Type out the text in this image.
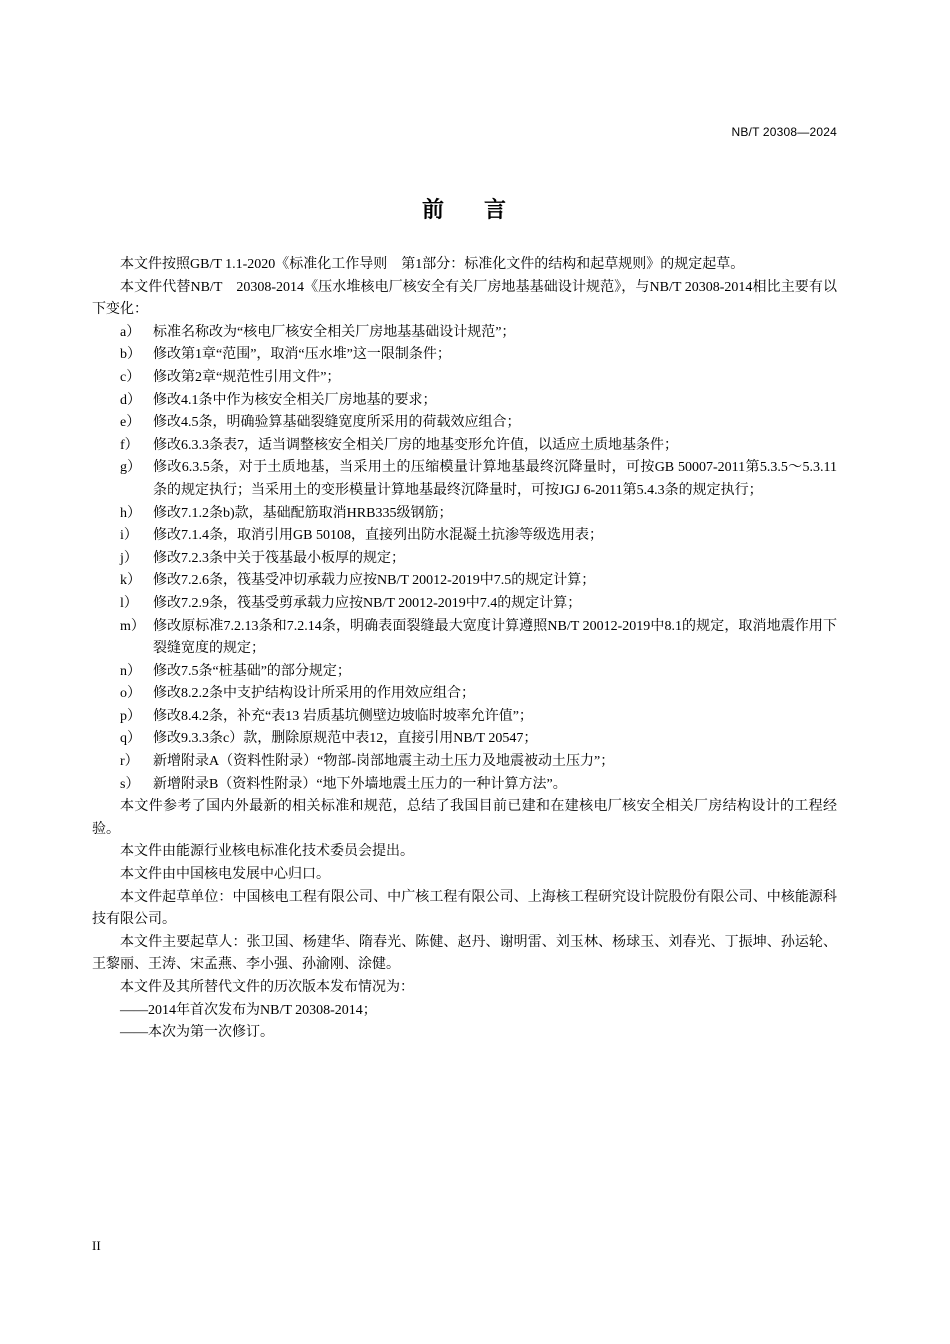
NB/T 20308—2024
前言

本文件按照GB/T 1.1-2020《标准化工作导则　第1部分：标准化文件的结构和起草规则》的规定起草。

本文件代替NB/T　20308-2014《压水堆核电厂核安全有关厂房地基基础设计规范》，与NB/T 20308-2014相比主要有以下变化：

a） 标准名称改为“核电厂核安全相关厂房地基基础设计规范”；

b） 修改第1章“范围”，取消“压水堆”这一限制条件；

c） 修改第2章“规范性引用文件”；

d） 修改4.1条中作为核安全相关厂房地基的要求；

e） 修改4.5条，明确验算基础裂缝宽度所采用的荷载效应组合；

f）	修改6.3.3条表7，适当调整核安全相关厂房的地基变形允许值，以适应土质地基条件；

g） 修改6.3.5条，对于土质地基，当采用土的压缩模量计算地基最终沉降量时，可按GB 50007-2011第5.3.5～5.3.11条的规定执行；当采用土的变形模量计算地基最终沉降量时，可按JGJ 6-2011第5.4.3条的规定执行；

h） 修改7.1.2条b)款，基础配筋取消HRB335级钢筋；

i）	修改7.1.4条，取消引用GB 50108，直接列出防水混凝土抗渗等级选用表；

j）	修改7.2.3条中关于筏基最小板厚的规定；

k） 修改7.2.6条，筏基受冲切承载力应按NB/T 20012-2019中7.5的规定计算；

l）	修改7.2.9条，筏基受剪承载力应按NB/T 20012-2019中7.4的规定计算；

m） 修改原标准7.2.13条和7.2.14条，明确表面裂缝最大宽度计算遵照NB/T 20012-2019中8.1的规定，取消地震作用下裂缝宽度的规定；

n） 修改7.5条“桩基础”的部分规定；

o） 修改8.2.2条中支护结构设计所采用的作用效应组合；

p） 修改8.4.2条，补充“表13 岩质基坑侧壁边坡临时坡率允许值”；

q） 修改9.3.3条c）款，删除原规范中表12，直接引用NB/T 20547；

r）	新增附录A（资料性附录）“物部-岗部地震主动土压力及地震被动土压力”；

s） 新增附录B（资料性附录）“地下外墙地震土压力的一种计算方法”。

本文件参考了国内外最新的相关标准和规范，总结了我国目前已建和在建核电厂核安全相关厂房结构设计的工程经验。

本文件由能源行业核电标准化技术委员会提出。

本文件由中国核电发展中心归口。

本文件起草单位：中国核电工程有限公司、中广核工程有限公司、上海核工程研究设计院股份有限公司、中核能源科技有限公司。

本文件主要起草人：张卫国、杨建华、隋春光、陈健、赵丹、谢明雷、刘玉林、杨球玉、刘春光、丁振坤、孙运轮、王黎丽、王涛、宋孟燕、李小强、孙渝刚、涂健。

本文件及其所替代文件的历次版本发布情况为：

——2014年首次发布为NB/T 20308-2014；

——本次为第一次修订。

II
